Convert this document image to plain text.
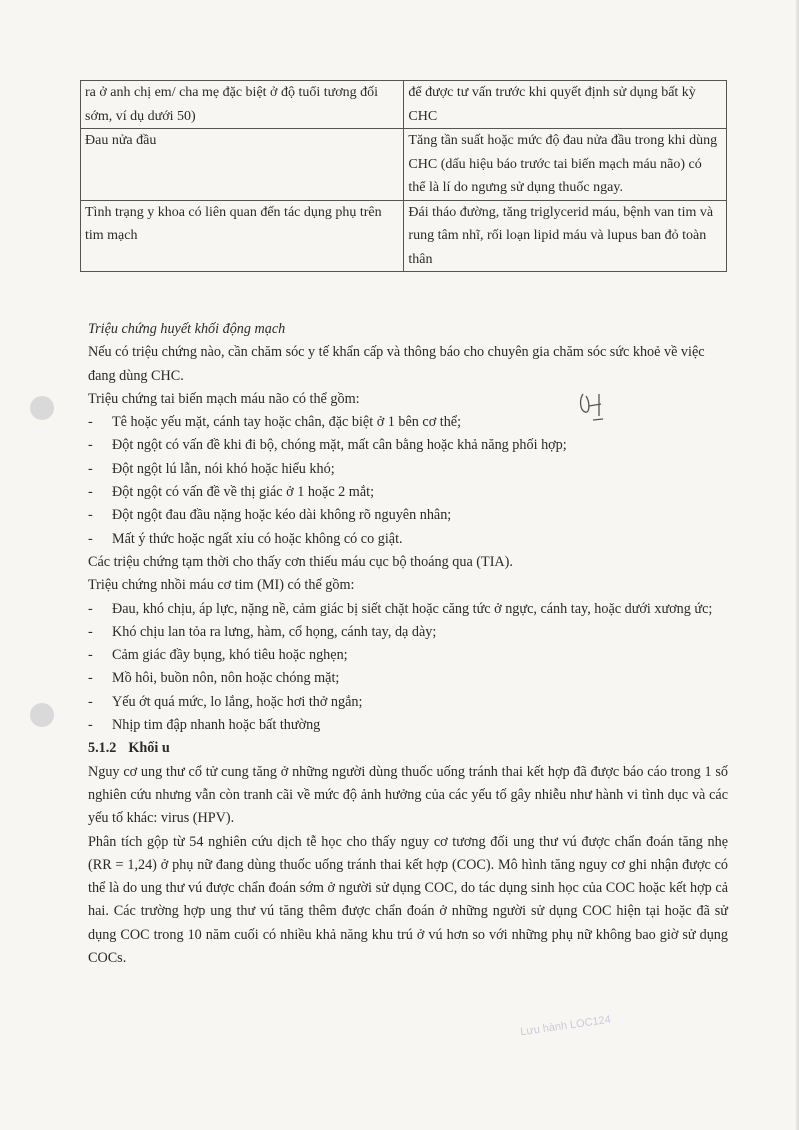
ra ở anh chị em/ cha mẹ đặc biệt ở độ tuổi tương đối sớm, ví dụ dưới 50)	để được tư vấn trước khi quyết định sử dụng bất kỳ CHC
Đau nửa đầu	Tăng tần suất hoặc mức độ đau nửa đầu trong khi dùng CHC (dấu hiệu báo trước tai biến mạch máu não) có thể là lí do ngưng sử dụng thuốc ngay.
Tình trạng y khoa có liên quan đến tác dụng phụ trên tim mạch	Đái tháo đường, tăng triglycerid máu, bệnh van tim và rung tâm nhĩ, rối loạn lipid máu và lupus ban đỏ toàn thân

Triệu chứng huyết khối động mạch

Nếu có triệu chứng nào, cần chăm sóc y tế khẩn cấp và thông báo cho chuyên gia chăm sóc sức khoẻ về việc đang dùng CHC.

Triệu chứng tai biến mạch máu não có thể gồm:

- Tê hoặc yếu mặt, cánh tay hoặc chân, đặc biệt ở 1 bên cơ thể;
- Đột ngột có vấn đề khi đi bộ, chóng mặt, mất cân bằng hoặc khả năng phối hợp;
- Đột ngột lú lẫn, nói khó hoặc hiểu khó;
- Đột ngột có vấn đề về thị giác ở 1 hoặc 2 mắt;
- Đột ngột đau đầu nặng hoặc kéo dài không rõ nguyên nhân;
- Mất ý thức hoặc ngất xỉu có hoặc không có co giật.

Các triệu chứng tạm thời cho thấy cơn thiếu máu cục bộ thoáng qua (TIA).

Triệu chứng nhồi máu cơ tim (MI) có thể gồm:

- Đau, khó chịu, áp lực, nặng nề, cảm giác bị siết chặt hoặc căng tức ở ngực, cánh tay, hoặc dưới xương ức;
- Khó chịu lan tỏa ra lưng, hàm, cổ họng, cánh tay, dạ dày;
- Cảm giác đầy bụng, khó tiêu hoặc nghẹn;
- Mồ hôi, buồn nôn, nôn hoặc chóng mặt;
- Yếu ớt quá mức, lo lắng, hoặc hơi thở ngắn;
- Nhịp tim đập nhanh hoặc bất thường

5.1.2 Khối u

Nguy cơ ung thư cổ tử cung tăng ở những người dùng thuốc uống tránh thai kết hợp đã được báo cáo trong 1 số nghiên cứu nhưng vẫn còn tranh cãi về mức độ ảnh hưởng của các yếu tố gây nhiễu như hành vi tình dục và các yếu tố khác: virus (HPV).

Phân tích gộp từ 54 nghiên cứu dịch tễ học cho thấy nguy cơ tương đối ung thư vú được chẩn đoán tăng nhẹ (RR = 1,24) ở phụ nữ đang dùng thuốc uống tránh thai kết hợp (COC). Mô hình tăng nguy cơ ghi nhận được có thể là do ung thư vú được chẩn đoán sớm ở người sử dụng COC, do tác dụng sinh học của COC hoặc kết hợp cả hai. Các trường hợp ung thư vú tăng thêm được chẩn đoán ở những người sử dụng COC hiện tại hoặc đã sử dụng COC trong 10 năm cuối có nhiều khả năng khu trú ở vú hơn so với những phụ nữ không bao giờ sử dụng COCs.

Lưu hành LOC124
